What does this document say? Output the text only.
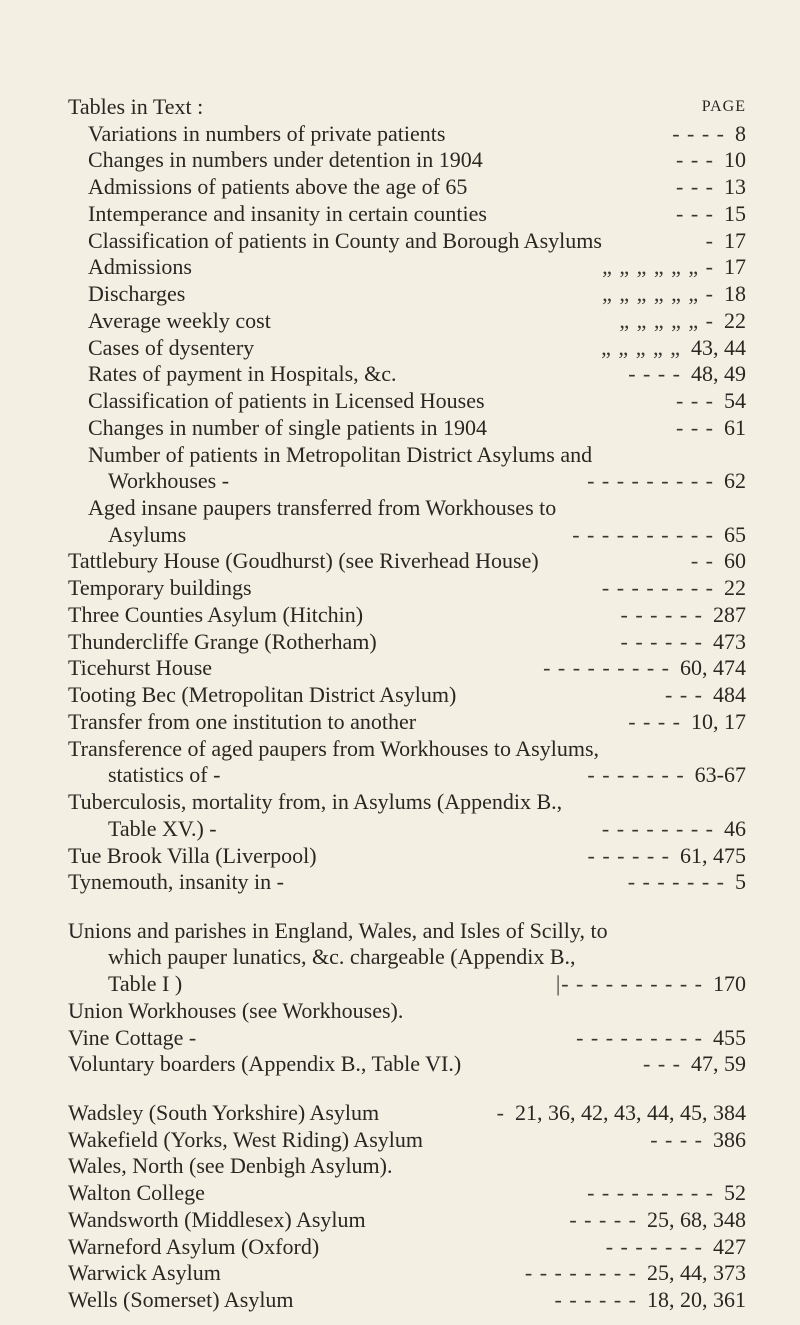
Tables in Text :	PAGE
Variations in numbers of private patients	- - - - 8
Changes in numbers under detention in 1904	- - - 10
Admissions of patients above the age of 65	- - - 13
Intemperance and insanity in certain counties	- - - 15
Classification of patients in County and Borough Asylums	- 17
Admissions	„ „ „ „ „ „ - 17
Discharges	„ „ „ „ „ „ - 18
Average weekly cost	„ „ „ „ „ - 22
Cases of dysentery	„ „ „ „ „ 43, 44
Rates of payment in Hospitals, &c.	- - - - 48, 49
Classification of patients in Licensed Houses	- - - 54
Changes in number of single patients in 1904	- - - 61
Number of patients in Metropolitan District Asylums and
Workhouses -	- - - - - - - - - 62
Aged insane paupers transferred from Workhouses to
Asylums	- - - - - - - - - - 65
Tattlebury House (Goudhurst) (see Riverhead House)	- - 60
Temporary buildings	- - - - - - - - 22
Three Counties Asylum (Hitchin)	- - - - - - 287
Thundercliffe Grange (Rotherham)	- - - - - - 473
Ticehurst House	- - - - - - - - - 60, 474
Tooting Bec (Metropolitan District Asylum)	- - - 484
Transfer from one institution to another	- - - - 10, 17
Transference of aged paupers from Workhouses to Asylums,
statistics of -	- - - - - - - 63-67
Tuberculosis, mortality from, in Asylums (Appendix B.,
Table XV.) -	- - - - - - - - 46
Tue Brook Villa (Liverpool)	- - - - - - 61, 475
Tynemouth, insanity in -	- - - - - - - 5
Unions and parishes in England, Wales, and Isles of Scilly, to
which pauper lunatics, &c. chargeable (Appendix B.,
Table I )	|- - - - - - - - - - 170
Union Workhouses (see Workhouses).
Vine Cottage -	- - - - - - - - - 455
Voluntary boarders (Appendix B., Table VI.)	- - - 47, 59
Wadsley (South Yorkshire) Asylum	- 21, 36, 42, 43, 44, 45, 384
Wakefield (Yorks, West Riding) Asylum	- - - - 386
Wales, North (see Denbigh Asylum).
Walton College	- - - - - - - - - 52
Wandsworth (Middlesex) Asylum	- - - - - 25, 68, 348
Warneford Asylum (Oxford)	- - - - - - - 427
Warwick Asylum	- - - - - - - - 25, 44, 373
Wells (Somerset) Asylum	- - - - - - 18, 20, 361
